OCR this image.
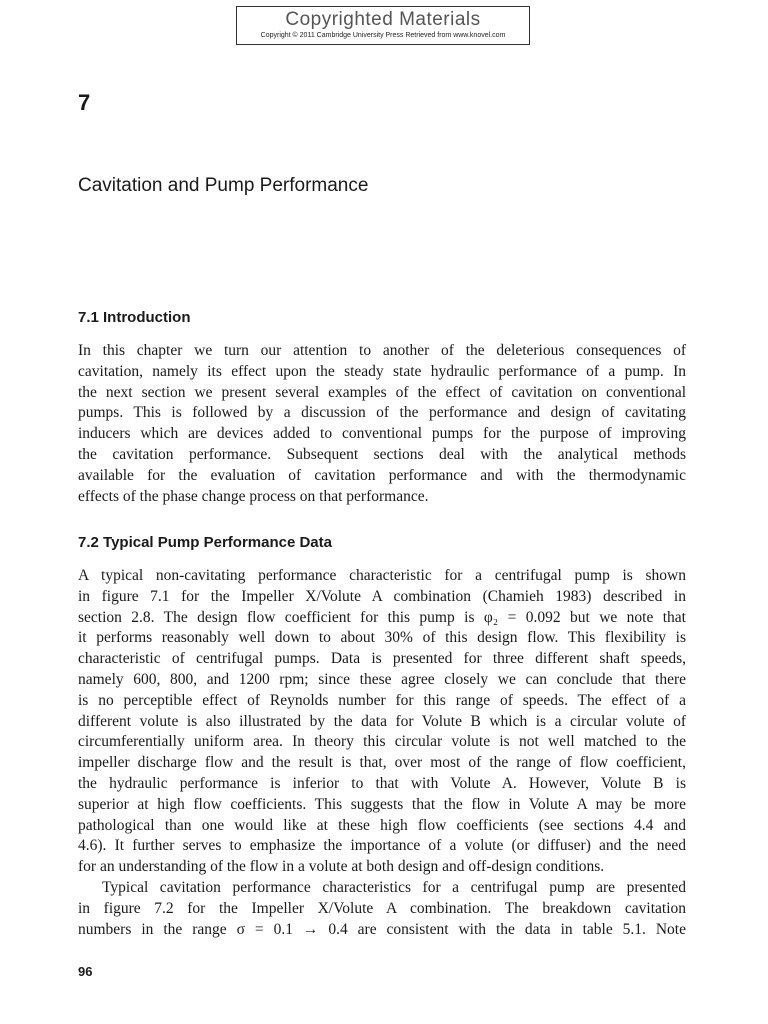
Copyrighted Materials
Copyright © 2011 Cambridge University Press Retrieved from www.knovel.com
7
Cavitation and Pump Performance
7.1 Introduction
In this chapter we turn our attention to another of the deleterious consequences of
cavitation, namely its effect upon the steady state hydraulic performance of a pump. In
the next section we present several examples of the effect of cavitation on conventional
pumps. This is followed by a discussion of the performance and design of cavitating
inducers which are devices added to conventional pumps for the purpose of improving
the cavitation performance. Subsequent sections deal with the analytical methods
available for the evaluation of cavitation performance and with the thermodynamic
effects of the phase change process on that performance.
7.2 Typical Pump Performance Data
A typical non-cavitating performance characteristic for a centrifugal pump is shown
in figure 7.1 for the Impeller X/Volute A combination (Chamieh 1983) described in
section 2.8. The design flow coefficient for this pump is φ₂ = 0.092 but we note that
it performs reasonably well down to about 30% of this design flow. This flexibility is
characteristic of centrifugal pumps. Data is presented for three different shaft speeds,
namely 600, 800, and 1200 rpm; since these agree closely we can conclude that there
is no perceptible effect of Reynolds number for this range of speeds. The effect of a
different volute is also illustrated by the data for Volute B which is a circular volute of
circumferentially uniform area. In theory this circular volute is not well matched to the
impeller discharge flow and the result is that, over most of the range of flow coefficient,
the hydraulic performance is inferior to that with Volute A. However, Volute B is
superior at high flow coefficients. This suggests that the flow in Volute A may be more
pathological than one would like at these high flow coefficients (see sections 4.4 and
4.6). It further serves to emphasize the importance of a volute (or diffuser) and the need
for an understanding of the flow in a volute at both design and off-design conditions.
Typical cavitation performance characteristics for a centrifugal pump are presented
in figure 7.2 for the Impeller X/Volute A combination. The breakdown cavitation
numbers in the range σ = 0.1 → 0.4 are consistent with the data in table 5.1. Note
96
